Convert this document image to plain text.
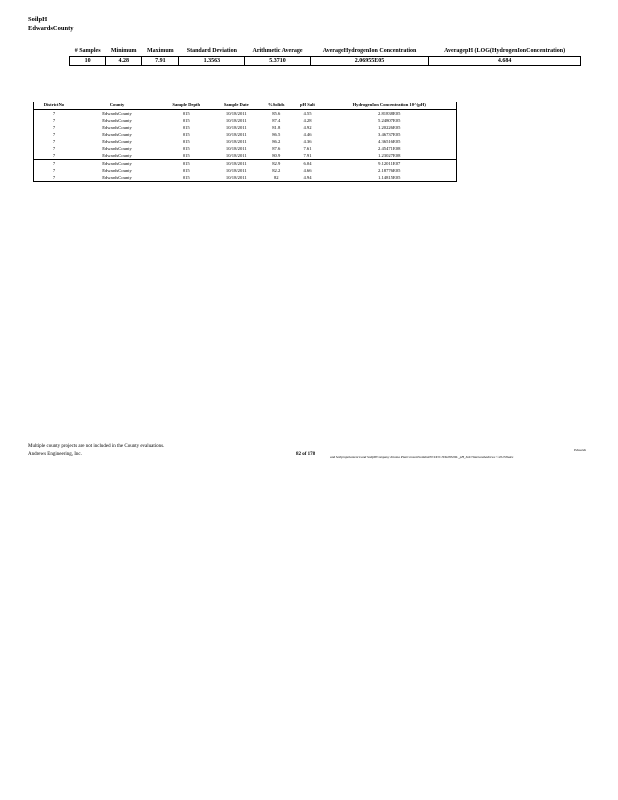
SoilpH
EdwardsCounty
# Samples	Minimum	Maximum	Standard Deviation	Arithmetic Average	AverageHydrogenIon Concentration	AveragepH (LOG(HydrogenIonConcentration)
10	4.28	7.91	1.3563	5.3710	2.06955E05	4.684
DistrictNo	County	Sample Depth	Sample Date	%Solids	pH Salt	HydrogenIon Concentration 10^(pH)
7	EdwardsCounty	015	10/18/2011	85.6	4.55	2.81838E05
7	EdwardsCounty	015	10/18/2011	87.4	4.28	5.24807E05
7	EdwardsCounty	015	10/18/2011	81.8	4.92	1.20226E05
7	EdwardsCounty	015	10/18/2011	86.5	4.46	3.46737E05
7	EdwardsCounty	015	10/18/2011	86.2	4.36	4.36516E05
7	EdwardsCounty	015	10/18/2011	87.6	7.61	2.45471E08
7	EdwardsCounty	015	10/18/2011	80.9	7.91	1.23027E08
7	EdwardsCounty	015	10/18/2011	82.9	6.04	9.12011E07
7	EdwardsCounty	015	10/18/2011	82.2	4.66	2.18776E05
7	EdwardsCounty	015	10/18/2011	82	4.94	1.14815E05
Multiple county projects are not included in the County evaluations.
Andrews Engineering, Inc.	82 of 178	and Soilpropolament Land SoilpHCompany Intoma PlanConsentSoilabsINCDOCJUKIDSOIL_pH_SoD WareantAndrews ©2013Dates
Edwards
